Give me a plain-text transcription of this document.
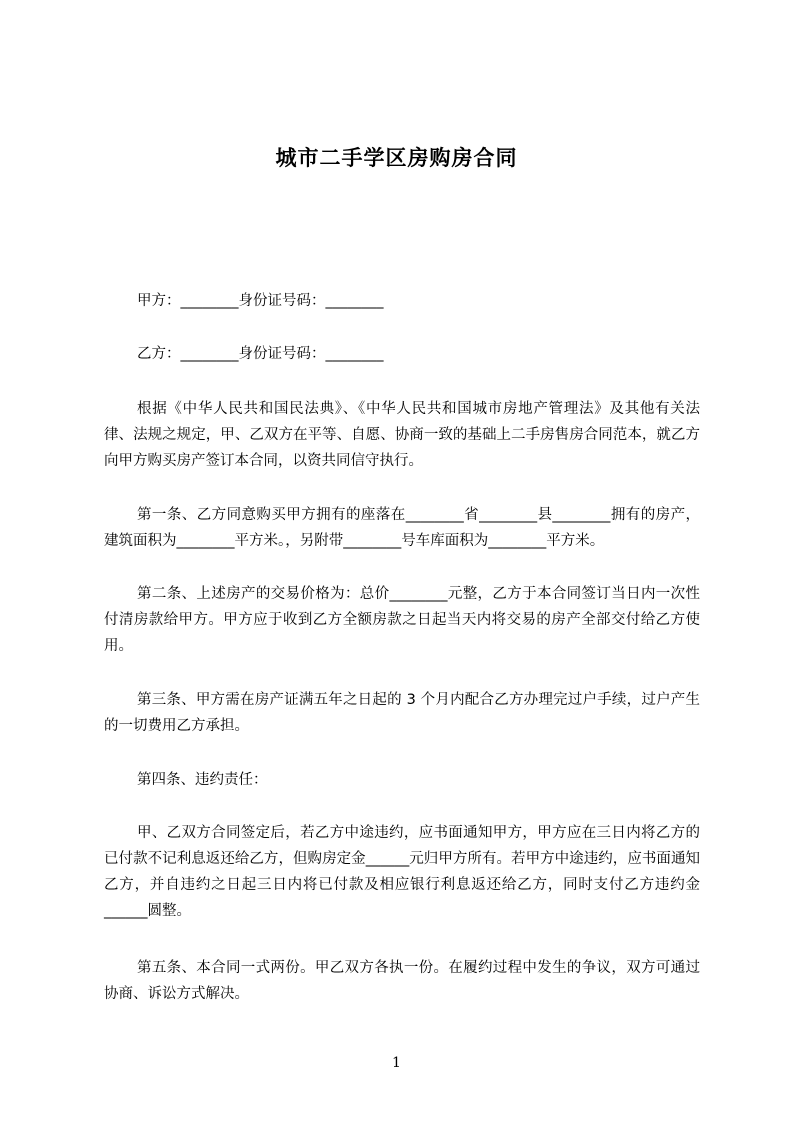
城市二手学区房购房合同

甲方：________身份证号码：________

乙方：________身份证号码：________

根据《中华人民共和国民法典》、《中华人民共和国城市房地产管理法》及其他有关法律、法规之规定，甲、乙双方在平等、自愿、协商一致的基础上二手房售房合同范本，就乙方向甲方购买房产签订本合同，以资共同信守执行。

第一条、乙方同意购买甲方拥有的座落在________省________县________拥有的房产，建筑面积为________平方米。，另附带________号车库面积为________平方米。

第二条、上述房产的交易价格为：总价________元整，乙方于本合同签订当日内一次性付清房款给甲方。甲方应于收到乙方全额房款之日起当天内将交易的房产全部交付给乙方使用。

第三条、甲方需在房产证满五年之日起的 3 个月内配合乙方办理完过户手续，过户产生的一切费用乙方承担。

第四条、违约责任：

甲、乙双方合同签定后，若乙方中途违约，应书面通知甲方，甲方应在三日内将乙方的已付款不记利息返还给乙方，但购房定金______元归甲方所有。若甲方中途违约，应书面通知乙方，并自违约之日起三日内将已付款及相应银行利息返还给乙方，同时支付乙方违约金______圆整。

第五条、本合同一式两份。甲乙双方各执一份。在履约过程中发生的争议，双方可通过协商、诉讼方式解决。

1
